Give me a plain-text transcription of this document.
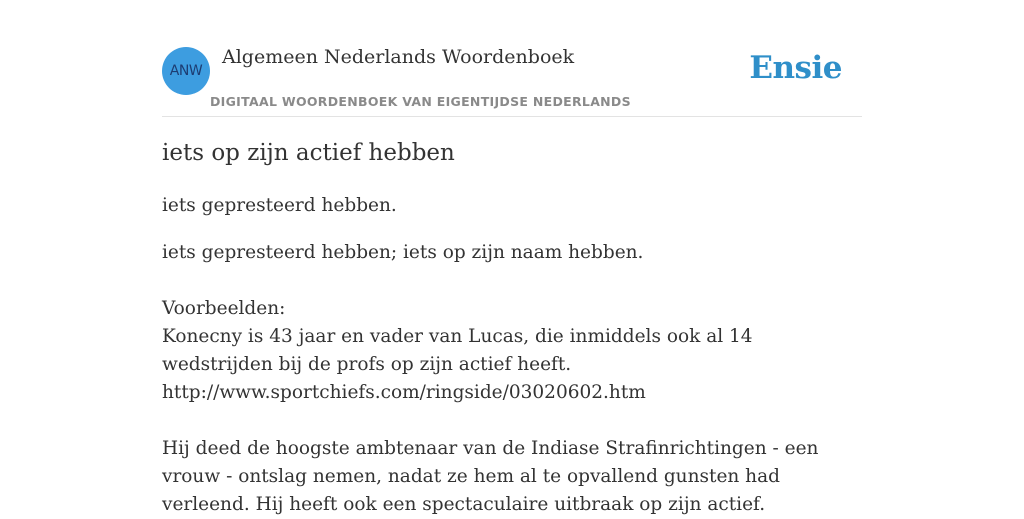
ANW
Algemeen Nederlands Woordenboek
DIGITAAL WOORDENBOEK VAN EIGENTIJDSE NEDERLANDS
Ensie
iets op zijn actief hebben

iets gepresteerd hebben.

iets gepresteerd hebben; iets op zijn naam hebben.

Voorbeelden:

Konecny is 43 jaar en vader van Lucas, die inmiddels ook al 14 wedstrijden bij de profs op zijn actief heeft.

http://www.sportchiefs.com/ringside/03020602.htm

Hij deed de hoogste ambtenaar van de Indiase Strafinrichtingen - een vrouw - ontslag nemen, nadat ze hem al te opvallend gunsten had verleend. Hij heeft ook een spectaculaire uitbraak op zijn actief.
